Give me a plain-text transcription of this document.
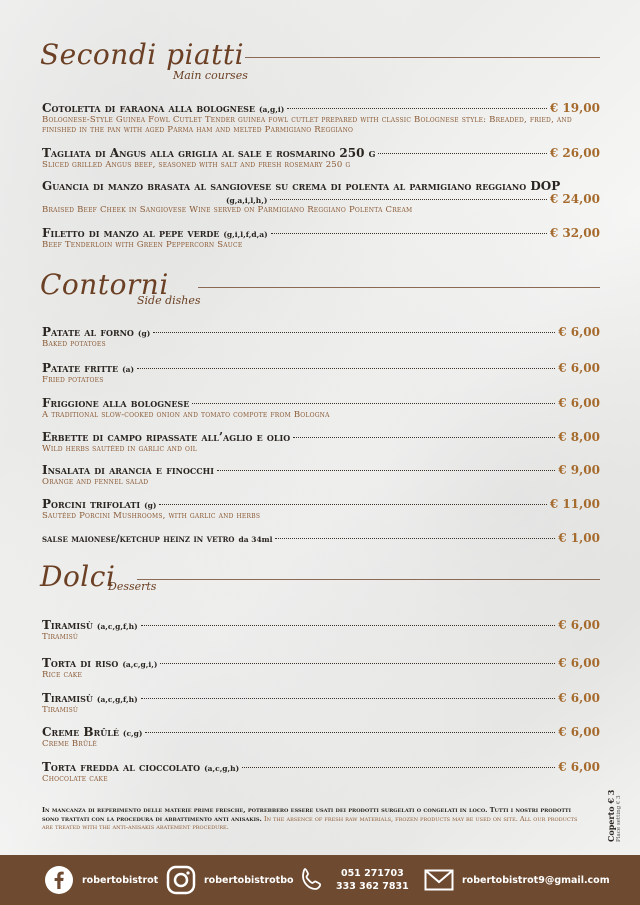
Secondi piatti
Main courses
Cotoletta di faraona alla bolognese (a,g,i)	€ 19,00
Bolognese-Style Guinea Fowl Cutlet Tender guinea fowl cutlet prepared with classic Bolognese style: Breaded, fried, and finished in the pan with aged Parma ham and melted Parmigiano Reggiano
Tagliata di Angus alla griglia al sale e rosmarino 250 g	€ 26,00
Sliced grilled Angus beef, seasoned with salt and fresh rosemary 250 g
Guancia di manzo brasata al sangiovese su crema di polenta al parmigiano reggiano DOP
Braised Beef Cheek in Sangiovese Wine served on Parmigiano Reggiano Polenta Cream
(g,a,i,l,h,)	€ 24,00
Filetto di manzo al pepe verde (g,i,l,f,d,a)	€ 32,00
Beef Tenderloin with Green Peppercorn Sauce
Contorni
Side dishes
Patate al forno (g)	€ 6,00
Baked potatoes
Patate fritte (a)	€ 6,00
Fried potatoes
Friggione alla bolognese	€ 6,00
A traditional slow-cooked onion and tomato compote from Bologna
Erbette di campo ripassate all’aglio e olio	€ 8,00
Wild herbs sautéed in garlic and oil
Insalata di arancia e finocchi	€ 9,00
Orange and fennel salad
Porcini trifolati (g)	€ 11,00
Sautéed Porcini Mushrooms, with garlic and herbs
salse maionese/ketchup heinz in vetro da 34ml	€ 1,00
Dolci
Desserts
Tiramisù (a,c,g,f,h)	€ 6,00
Tiramisù
Torta di riso (a,c,g,i,)	€ 6,00
Rice cake
Tiramisù (a,c,g,f,h)	€ 6,00
Tiramisù
Creme Brûlé (c,g)	€ 6,00
Creme Brûlé
Torta fredda al cioccolato (a,c,g,h)	€ 6,00
Chocolate cake
In mancanza di reperimento delle materie prime fresche, potrebbero essere usati dei prodotti surgelati o congelati in loco. Tutti i nostri prodotti sono trattati con la procedura di abbattimento anti anisakis. In the absence of fresh raw materials, frozen products may be used on site. All our products are treated with the anti-anisakis abatement procedure.	Coperto € 3 Place setting € 3
robertobistrot	robertobistrotbo
051 271703
333 362 7831
robertobistrot9@gmail.com
